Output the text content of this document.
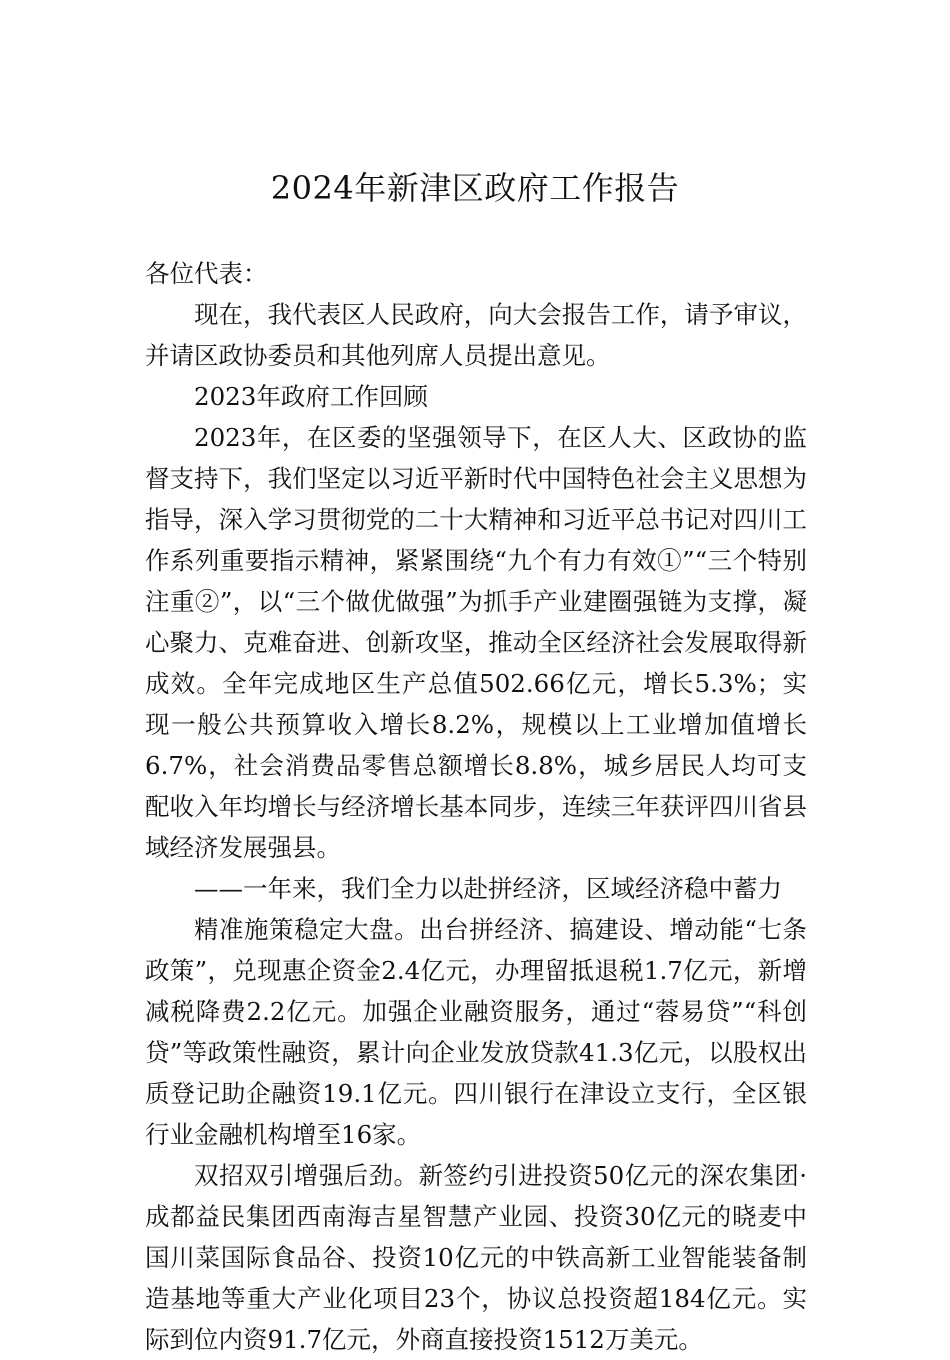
2024年新津区政府工作报告

各位代表：

现在，我代表区人民政府，向大会报告工作，请予审议，并请区政协委员和其他列席人员提出意见。

2023年政府工作回顾

2023年，在区委的坚强领导下，在区人大、区政协的监督支持下，我们坚定以习近平新时代中国特色社会主义思想为指导，深入学习贯彻党的二十大精神和习近平总书记对四川工作系列重要指示精神，紧紧围绕“九个有力有效①”“三个特别注重②”，以“三个做优做强”为抓手产业建圈强链为支撑，凝心聚力、克难奋进、创新攻坚，推动全区经济社会发展取得新成效。全年完成地区生产总值502.66亿元，增长5.3%；实现一般公共预算收入增长8.2%，规模以上工业增加值增长6.7%，社会消费品零售总额增长8.8%，城乡居民人均可支配收入年均增长与经济增长基本同步，连续三年获评四川省县域经济发展强县。

——一年来，我们全力以赴拼经济，区域经济稳中蓄力

精准施策稳定大盘。出台拼经济、搞建设、增动能“七条政策”，兑现惠企资金2.4亿元，办理留抵退税1.7亿元，新增减税降费2.2亿元。加强企业融资服务，通过“蓉易贷”“科创贷”等政策性融资，累计向企业发放贷款41.3亿元，以股权出质登记助企融资19.1亿元。四川银行在津设立支行，全区银行业金融机构增至16家。

双招双引增强后劲。新签约引进投资50亿元的深农集团·成都益民集团西南海吉星智慧产业园、投资30亿元的晓麦中国川菜国际食品谷、投资10亿元的中铁高新工业智能装备制造基地等重大产业化项目23个，协议总投资超184亿元。实际到位内资91.7亿元，外商直接投资1512万美元。
